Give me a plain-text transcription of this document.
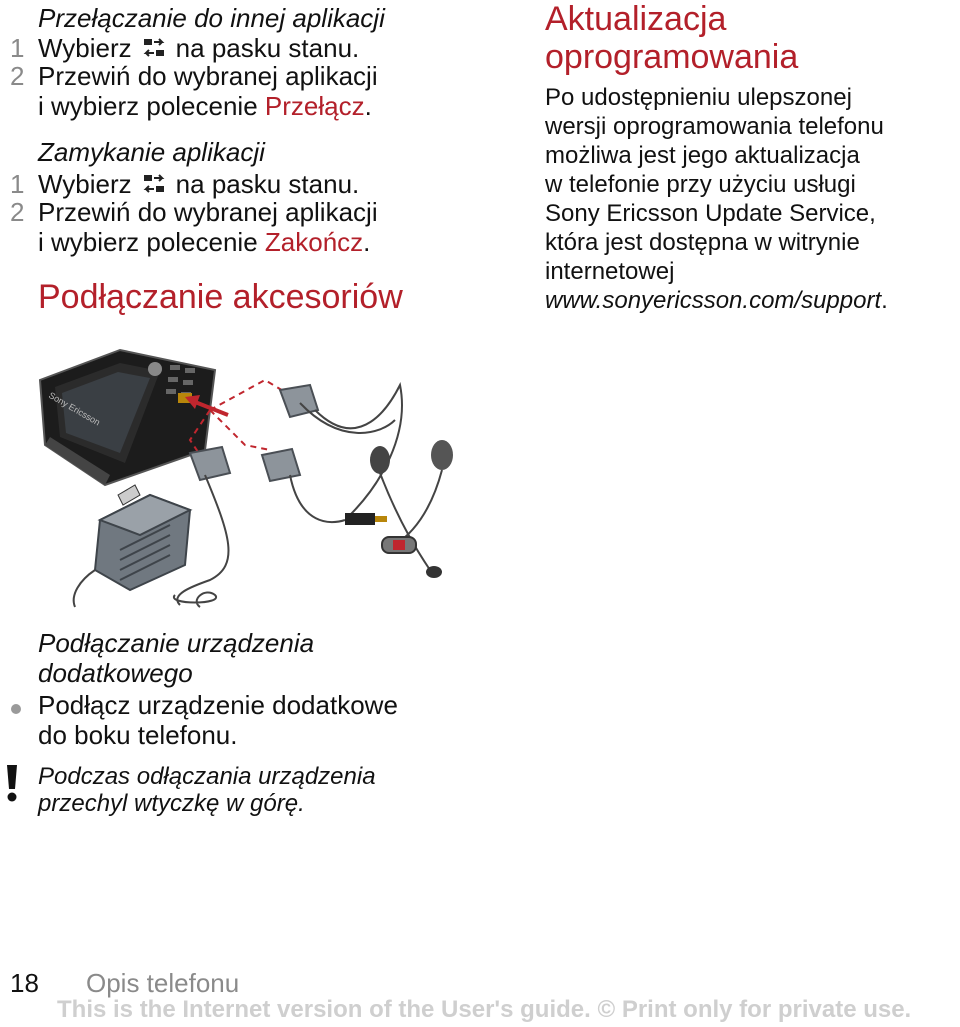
Przełączanie do innej aplikacji
1 Wybierz na pasku stanu.
2 Przewiń do wybranej aplikacji
i wybierz polecenie Przełącz.
Zamykanie aplikacji
1 Wybierz na pasku stanu.
2 Przewiń do wybranej aplikacji
i wybierz polecenie Zakończ.
Podłączanie akcesoriów
Aktualizacja
oprogramowania
Po udostępnieniu ulepszonej
wersji oprogramowania telefonu
możliwa jest jego aktualizacja
w telefonie przy użyciu usługi
Sony Ericsson Update Service,
która jest dostępna w witrynie
internetowej
www.sonyericsson.com/support.
Sony Ericsson
Podłączanie urządzenia
dodatkowego
Podłącz urządzenie dodatkowe
do boku telefonu.
Podczas odłączania urządzenia
przechyl wtyczkę w górę.
18 Opis telefonu
This is the Internet version of the User's guide. © Print only for private use.
